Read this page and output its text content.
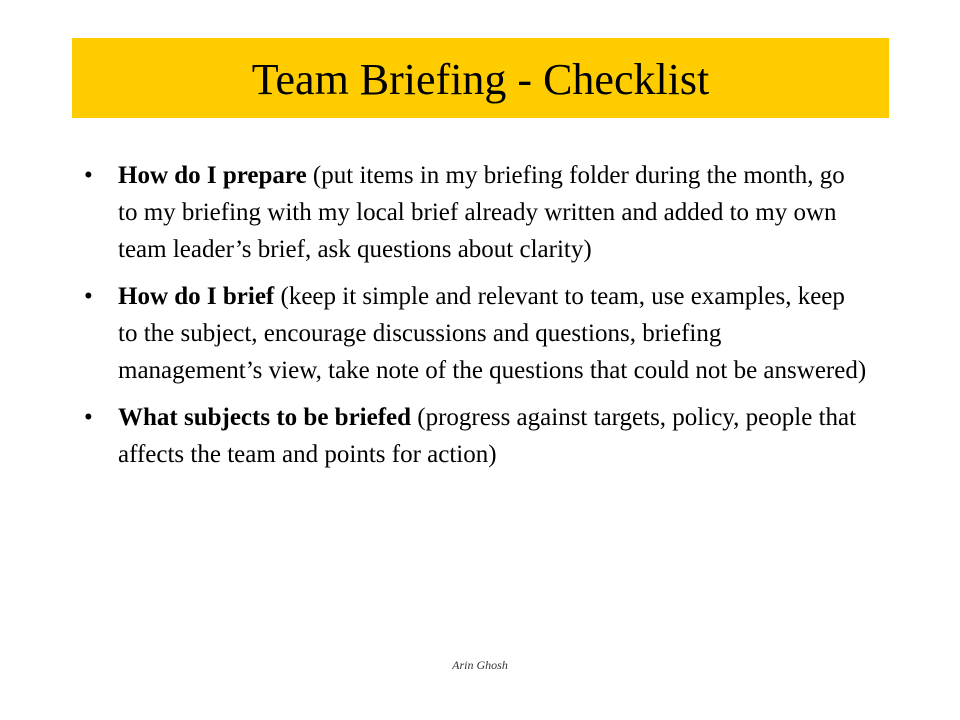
Team Briefing - Checklist
• How do I prepare (put items in my briefing folder during the month, go to my briefing with my local brief already written and added to my own team leader’s brief, ask questions about clarity)
• How do I brief (keep it simple and relevant to team, use examples, keep to the subject, encourage discussions and questions, briefing management’s view, take note of the questions that could not be answered)
• What subjects to be briefed (progress against targets, policy, people that affects the team and points for action)
Arin Ghosh
